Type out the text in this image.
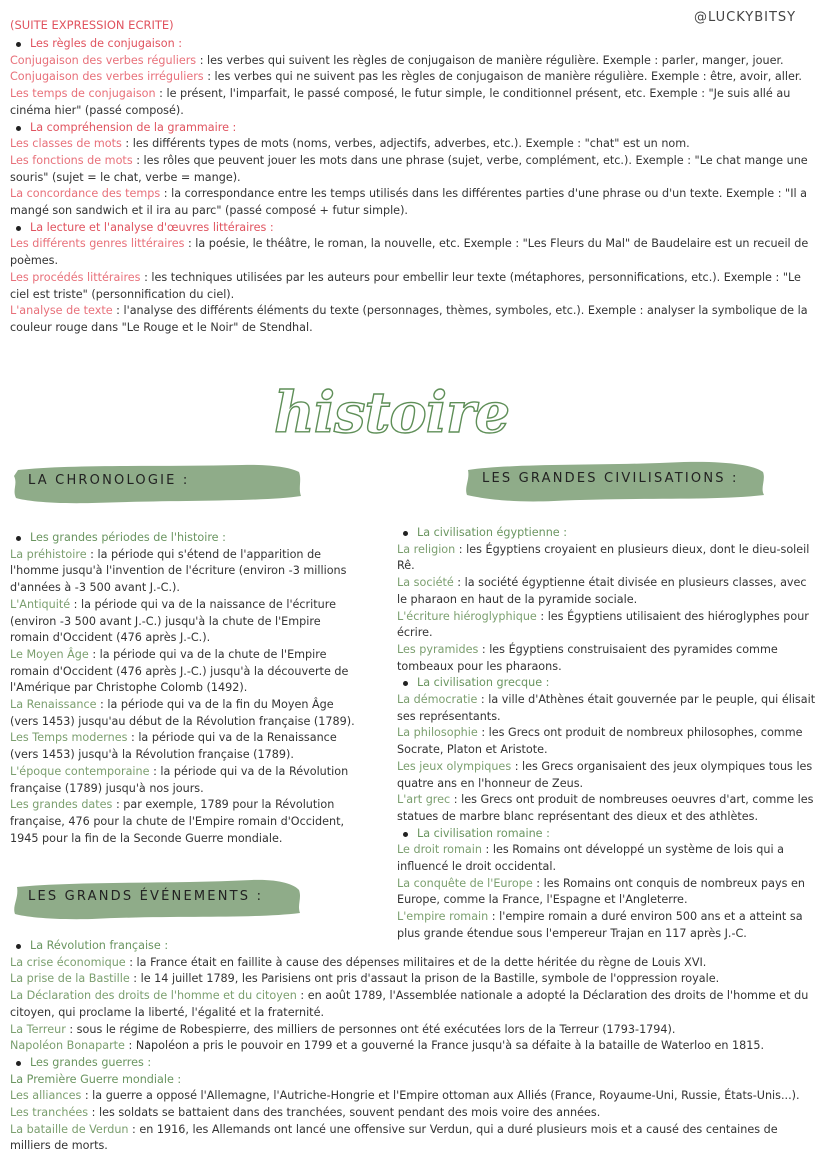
(SUITE EXPRESSION ECRITE)	@LUCKYBITSY

Les règles de conjugaison :

Conjugaison des verbes réguliers : les verbes qui suivent les règles de conjugaison de manière régulière. Exemple : parler, manger, jouer.

Conjugaison des verbes irréguliers : les verbes qui ne suivent pas les règles de conjugaison de manière régulière. Exemple : être, avoir, aller.

Les temps de conjugaison : le présent, l'imparfait, le passé composé, le futur simple, le conditionnel présent, etc. Exemple : "Je suis allé au cinéma hier" (passé composé).

La compréhension de la grammaire :

Les classes de mots : les différents types de mots (noms, verbes, adjectifs, adverbes, etc.). Exemple : "chat" est un nom.

Les fonctions de mots : les rôles que peuvent jouer les mots dans une phrase (sujet, verbe, complément, etc.). Exemple : "Le chat mange une souris" (sujet = le chat, verbe = mange).

La concordance des temps : la correspondance entre les temps utilisés dans les différentes parties d'une phrase ou d'un texte. Exemple : "Il a mangé son sandwich et il ira au parc" (passé composé + futur simple).

La lecture et l'analyse d'œuvres littéraires :

Les différents genres littéraires : la poésie, le théâtre, le roman, la nouvelle, etc. Exemple : "Les Fleurs du Mal" de Baudelaire est un recueil de poèmes.

Les procédés littéraires : les techniques utilisées par les auteurs pour embellir leur texte (métaphores, personnifications, etc.). Exemple : "Le ciel est triste" (personnification du ciel).

L'analyse de texte : l'analyse des différents éléments du texte (personnages, thèmes, symboles, etc.). Exemple : analyser la symbolique de la couleur rouge dans "Le Rouge et le Noir" de Stendhal.

histoire
LA CHRONOLOGIE :	LES GRANDES CIVILISATIONS :

Les grandes périodes de l'histoire :

La préhistoire : la période qui s'étend de l'apparition de l'homme jusqu'à l'invention de l'écriture (environ -3 millions d'années à -3 500 avant J.-C.).

L'Antiquité : la période qui va de la naissance de l'écriture (environ -3 500 avant J.-C.) jusqu'à la chute de l'Empire romain d'Occident (476 après J.-C.).

Le Moyen Âge : la période qui va de la chute de l'Empire romain d'Occident (476 après J.-C.) jusqu'à la découverte de l'Amérique par Christophe Colomb (1492).

La Renaissance : la période qui va de la fin du Moyen Âge (vers 1453) jusqu'au début de la Révolution française (1789).

Les Temps modernes : la période qui va de la Renaissance (vers 1453) jusqu'à la Révolution française (1789).

L'époque contemporaine : la période qui va de la Révolution française (1789) jusqu'à nos jours.

Les grandes dates : par exemple, 1789 pour la Révolution française, 476 pour la chute de l'Empire romain d'Occident, 1945 pour la fin de la Seconde Guerre mondiale.

La civilisation égyptienne :

La religion : les Égyptiens croyaient en plusieurs dieux, dont le dieu-soleil Rê.

La société : la société égyptienne était divisée en plusieurs classes, avec le pharaon en haut de la pyramide sociale.

L'écriture hiéroglyphique : les Égyptiens utilisaient des hiéroglyphes pour écrire.

Les pyramides : les Égyptiens construisaient des pyramides comme tombeaux pour les pharaons.

La civilisation grecque :

La démocratie : la ville d'Athènes était gouvernée par le peuple, qui élisait ses représentants.

La philosophie : les Grecs ont produit de nombreux philosophes, comme Socrate, Platon et Aristote.

Les jeux olympiques : les Grecs organisaient des jeux olympiques tous les quatre ans en l'honneur de Zeus.

L'art grec : les Grecs ont produit de nombreuses oeuvres d'art, comme les statues de marbre blanc représentant des dieux et des athlètes.

La civilisation romaine :

Le droit romain : les Romains ont développé un système de lois qui a influencé le droit occidental.

La conquête de l'Europe : les Romains ont conquis de nombreux pays en Europe, comme la France, l'Espagne et l'Angleterre.

L'empire romain : l'empire romain a duré environ 500 ans et a atteint sa plus grande étendue sous l'empereur Trajan en 117 après J.-C.

LES GRANDS ÉVÉNEMENTS :

La Révolution française :

La crise économique : la France était en faillite à cause des dépenses militaires et de la dette héritée du règne de Louis XVI.

La prise de la Bastille : le 14 juillet 1789, les Parisiens ont pris d'assaut la prison de la Bastille, symbole de l'oppression royale.

La Déclaration des droits de l'homme et du citoyen : en août 1789, l'Assemblée nationale a adopté la Déclaration des droits de l'homme et du citoyen, qui proclame la liberté, l'égalité et la fraternité.

La Terreur : sous le régime de Robespierre, des milliers de personnes ont été exécutées lors de la Terreur (1793-1794).

Napoléon Bonaparte : Napoléon a pris le pouvoir en 1799 et a gouverné la France jusqu'à sa défaite à la bataille de Waterloo en 1815.

Les grandes guerres :

La Première Guerre mondiale :

Les alliances : la guerre a opposé l'Allemagne, l'Autriche-Hongrie et l'Empire ottoman aux Alliés (France, Royaume-Uni, Russie, États-Unis...).

Les tranchées : les soldats se battaient dans des tranchées, souvent pendant des mois voire des années.

La bataille de Verdun : en 1916, les Allemands ont lancé une offensive sur Verdun, qui a duré plusieurs mois et a causé des centaines de milliers de morts.
